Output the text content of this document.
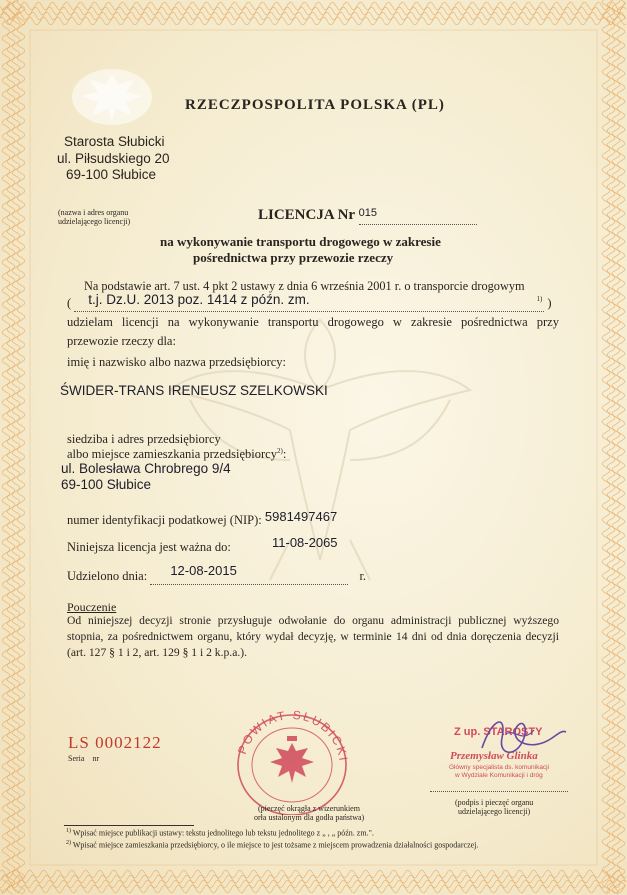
RZECZPOSPOLITA POLSKA (PL)
Starosta Słubicki
ul. Piłsudskiego 20
69-100 Słubice
(nazwa i adres organu
udzielającego licencji)	LICENCJA Nr $^{015}$
na wykonywanie transportu drogowego w zakresie
pośrednictwa przy przewozie rzeczy
Na podstawie art. 7 ust. 4 pkt 2 ustawy z dnia 6 września 2001 r. o transporcie drogowym
( t.j. Dz.U. 2013 poz. 1414 z późn. zm.	1) )
udzielam licencji na wykonywanie transportu drogowego w zakresie pośrednictwa przy przewozie rzeczy dla:
imię i nazwisko albo nazwa przedsiębiorcy:
ŚWIDER-TRANS IRENEUSZ SZELKOWSKI
siedziba i adres przedsiębiorcy
albo miejsce zamieszkania przedsiębiorcy$^{2)}$:
ul. Bolesława Chrobrego 9/4
69-100 Słubice
numer identyfikacji podatkowej (NIP): 5981497467
Niniejsza licencja jest ważna do:	11-08-2065
Udzielono dnia: 12-08-2015	r.
Pouczenie
Od niniejszej decyzji stronie przysługuje odwołanie do organu administracji publicznej wyższego stopnia, za pośrednictwem organu, który wydał decyzję, w terminie 14 dni od dnia doręczenia decyzji (art. 127 § 1 i 2, art. 129 § 1 i 2 k.p.a.).
LS 0002122
Seria    nr
POWIAT SŁUBICKI
(pieczęć okrągła z wizerunkiem
orła ustalonym dla godła państwa)
Z up. STAROSTY
Przemysław Glinka
Główny specjalista ds. komunikacji
w Wydziale Komunikacji i dróg
(podpis i pieczęć organu
udzielającego licencji)
$^{1)}$ Wpisać miejsce publikacji ustawy: tekstu jednolitego lub tekstu jednolitego z „ , „ późn. zm.".
$^{2)}$ Wpisać miejsce zamieszkania przedsiębiorcy, o ile miejsce to jest tożsame z miejscem prowadzenia działalności gospodarczej.
